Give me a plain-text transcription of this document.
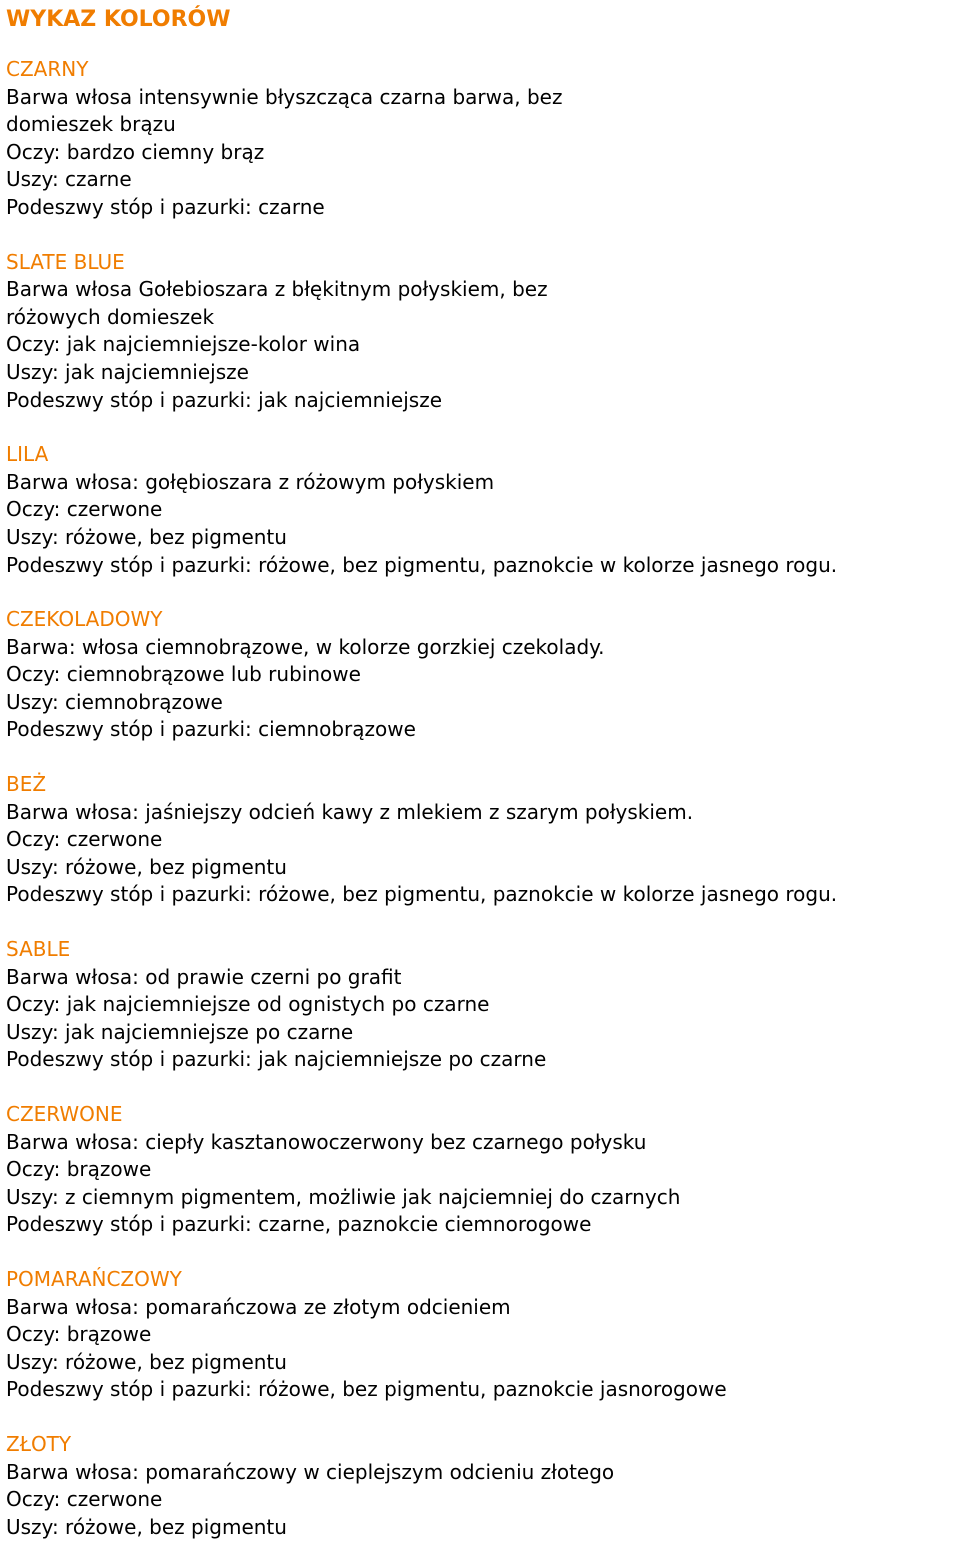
WYKAZ KOLORÓW
CZARNY
Barwa włosa intensywnie błyszcząca czarna barwa, bez
domieszek brązu
Oczy: bardzo ciemny brąz
Uszy: czarne
Podeszwy stóp i pazurki: czarne
SLATE BLUE
Barwa włosa Gołebioszara z błękitnym połyskiem, bez
różowych domieszek
Oczy: jak najciemniejsze-kolor wina
Uszy: jak najciemniejsze
Podeszwy stóp i pazurki: jak najciemniejsze
LILA
Barwa włosa: gołębioszara z różowym połyskiem
Oczy: czerwone
Uszy: różowe, bez pigmentu
Podeszwy stóp i pazurki: różowe, bez pigmentu, paznokcie w kolorze jasnego rogu.
CZEKOLADOWY
Barwa: włosa ciemnobrązowe, w kolorze gorzkiej czekolady.
Oczy: ciemnobrązowe lub rubinowe
Uszy: ciemnobrązowe
Podeszwy stóp i pazurki: ciemnobrązowe
BEŻ
Barwa włosa: jaśniejszy odcień kawy z mlekiem z szarym połyskiem.
Oczy: czerwone
Uszy: różowe, bez pigmentu
Podeszwy stóp i pazurki: różowe, bez pigmentu, paznokcie w kolorze jasnego rogu.
SABLE
Barwa włosa: od prawie czerni po grafit
Oczy: jak najciemniejsze od ognistych po czarne
Uszy: jak najciemniejsze po czarne
Podeszwy stóp i pazurki: jak najciemniejsze po czarne
CZERWONE
Barwa włosa: ciepły kasztanowoczerwony bez czarnego połysku
Oczy: brązowe
Uszy: z ciemnym pigmentem, możliwie jak najciemniej do czarnych
Podeszwy stóp i pazurki: czarne, paznokcie ciemnorogowe
POMARAŃCZOWY
Barwa włosa: pomarańczowa ze złotym odcieniem
Oczy: brązowe
Uszy: różowe, bez pigmentu
Podeszwy stóp i pazurki: różowe, bez pigmentu, paznokcie jasnorogowe
ZŁOTY
Barwa włosa: pomarańczowy w cieplejszym odcieniu złotego
Oczy: czerwone
Uszy: różowe, bez pigmentu
